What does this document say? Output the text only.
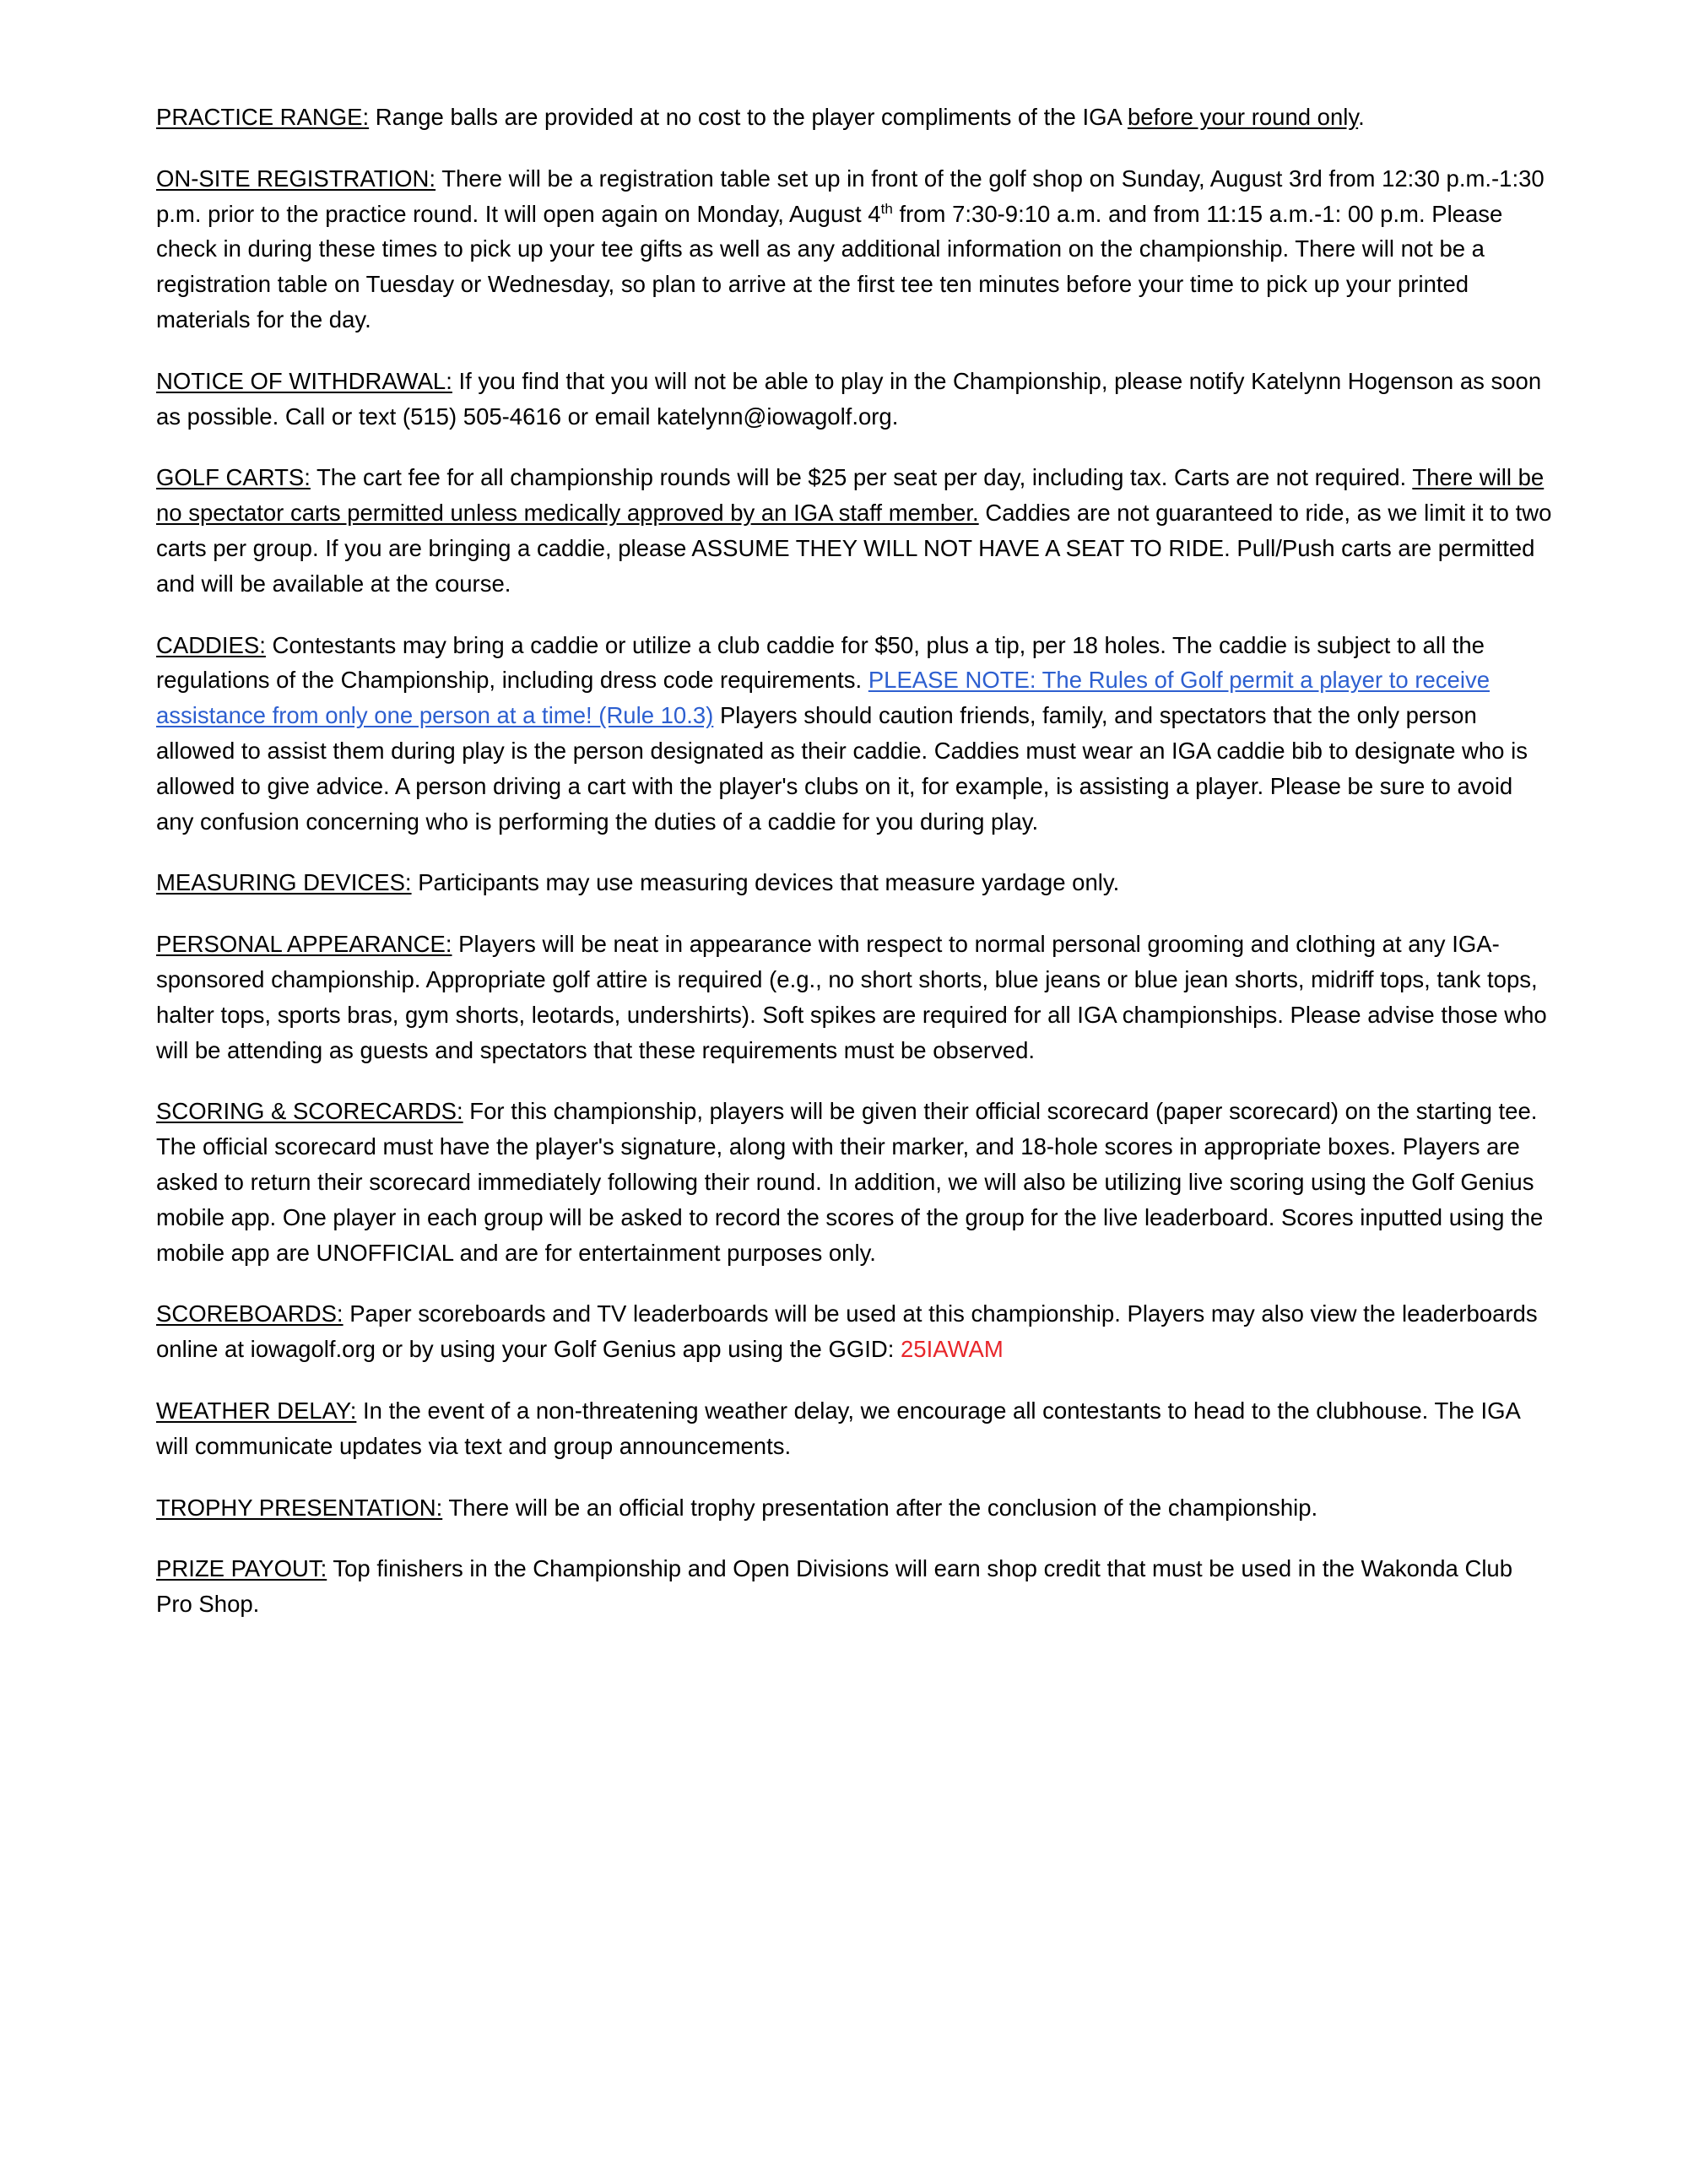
PRACTICE RANGE: Range balls are provided at no cost to the player compliments of the IGA before your round only.

ON-SITE REGISTRATION: There will be a registration table set up in front of the golf shop on Sunday, August 3rd from 12:30 p.m.-1:30 p.m. prior to the practice round. It will open again on Monday, August 4th from 7:30-9:10 a.m. and from 11:15 a.m.-1: 00 p.m. Please check in during these times to pick up your tee gifts as well as any additional information on the championship. There will not be a registration table on Tuesday or Wednesday, so plan to arrive at the first tee ten minutes before your time to pick up your printed materials for the day.

NOTICE OF WITHDRAWAL: If you find that you will not be able to play in the Championship, please notify Katelynn Hogenson as soon as possible. Call or text (515) 505-4616 or email katelynn@iowagolf.org.

GOLF CARTS: The cart fee for all championship rounds will be $25 per seat per day, including tax. Carts are not required. There will be no spectator carts permitted unless medically approved by an IGA staff member. Caddies are not guaranteed to ride, as we limit it to two carts per group. If you are bringing a caddie, please ASSUME THEY WILL NOT HAVE A SEAT TO RIDE. Pull/Push carts are permitted and will be available at the course.

CADDIES: Contestants may bring a caddie or utilize a club caddie for $50, plus a tip, per 18 holes. The caddie is subject to all the regulations of the Championship, including dress code requirements. PLEASE NOTE: The Rules of Golf permit a player to receive assistance from only one person at a time! (Rule 10.3) Players should caution friends, family, and spectators that the only person allowed to assist them during play is the person designated as their caddie. Caddies must wear an IGA caddie bib to designate who is allowed to give advice. A person driving a cart with the player's clubs on it, for example, is assisting a player. Please be sure to avoid any confusion concerning who is performing the duties of a caddie for you during play.

MEASURING DEVICES: Participants may use measuring devices that measure yardage only.

PERSONAL APPEARANCE: Players will be neat in appearance with respect to normal personal grooming and clothing at any IGA-sponsored championship. Appropriate golf attire is required (e.g., no short shorts, blue jeans or blue jean shorts, midriff tops, tank tops, halter tops, sports bras, gym shorts, leotards, undershirts). Soft spikes are required for all IGA championships. Please advise those who will be attending as guests and spectators that these requirements must be observed.

SCORING & SCORECARDS: For this championship, players will be given their official scorecard (paper scorecard) on the starting tee. The official scorecard must have the player's signature, along with their marker, and 18-hole scores in appropriate boxes. Players are asked to return their scorecard immediately following their round. In addition, we will also be utilizing live scoring using the Golf Genius mobile app. One player in each group will be asked to record the scores of the group for the live leaderboard. Scores inputted using the mobile app are UNOFFICIAL and are for entertainment purposes only.

SCOREBOARDS: Paper scoreboards and TV leaderboards will be used at this championship. Players may also view the leaderboards online at iowagolf.org or by using your Golf Genius app using the GGID: 25IAWAM

WEATHER DELAY: In the event of a non-threatening weather delay, we encourage all contestants to head to the clubhouse. The IGA will communicate updates via text and group announcements.

TROPHY PRESENTATION: There will be an official trophy presentation after the conclusion of the championship.

PRIZE PAYOUT: Top finishers in the Championship and Open Divisions will earn shop credit that must be used in the Wakonda Club Pro Shop.
